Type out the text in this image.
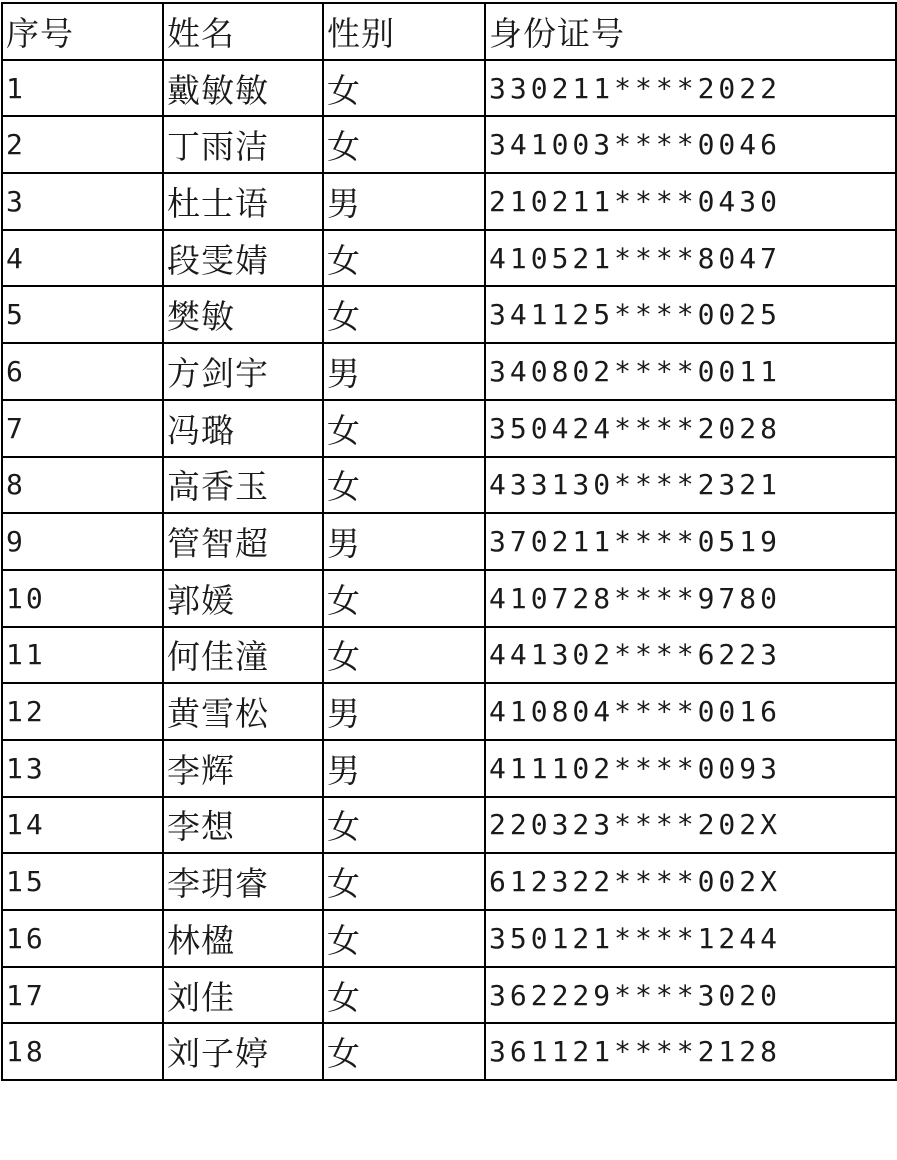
序号	姓名	性别	身份证号
1	戴敏敏	女	330211****2022
2	丁雨洁	女	341003****0046
3	杜士语	男	210211****0430
4	段雯婧	女	410521****8047
5	樊敏	女	341125****0025
6	方剑宇	男	340802****0011
7	冯璐	女	350424****2028
8	高香玉	女	433130****2321
9	管智超	男	370211****0519
10	郭媛	女	410728****9780
11	何佳潼	女	441302****6223
12	黄雪松	男	410804****0016
13	李辉	男	411102****0093
14	李想	女	220323****202X
15	李玥睿	女	612322****002X
16	林楹	女	350121****1244
17	刘佳	女	362229****3020
18	刘子婷	女	361121****2128
